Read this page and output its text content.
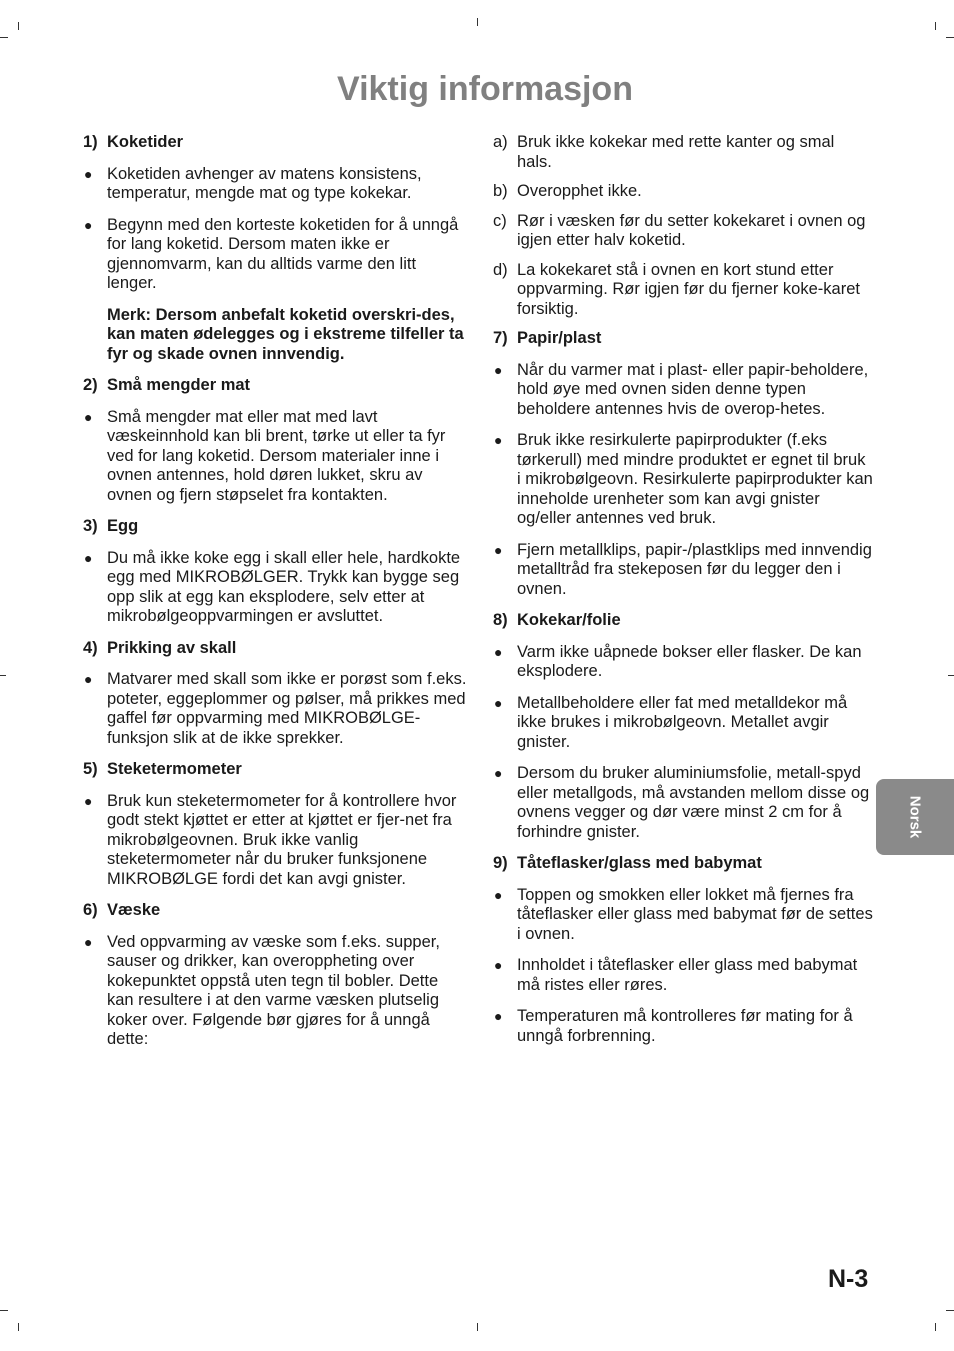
Viktig informasjon
1) Koketider
● Koketiden avhenger av matens konsistens, temperatur, mengde mat og type kokekar.
● Begynn med den korteste koketiden for å unngå for lang koketid. Dersom maten ikke er gjennomvarm, kan du alltids varme den litt lenger.
Merk: Dersom anbefalt koketid overskri-des, kan maten ødelegges og i ekstreme tilfeller ta fyr og skade ovnen innvendig.
2) Små mengder mat
● Små mengder mat eller mat med lavt væskeinnhold kan bli brent, tørke ut eller ta fyr ved for lang koketid. Dersom materialer inne i ovnen antennes, hold døren lukket, skru av ovnen og fjern støpselet fra kontakten.
3) Egg
● Du må ikke koke egg i skall eller hele, hardkokte egg med MIKROBØLGER. Trykk kan bygge seg opp slik at egg kan eksplodere, selv etter at mikrobølgeoppvarmingen er avsluttet.
4) Prikking av skall
● Matvarer med skall som ikke er porøst som f.eks. poteter, eggeplommer og pølser, må prikkes med gaffel før oppvarming med MIKROBØLGE-funksjon slik at de ikke sprekker.
5) Steketermometer
● Bruk kun steketermometer for å kontrollere hvor godt stekt kjøttet er etter at kjøttet er fjer-net fra mikrobølgeovnen. Bruk ikke vanlig steketermometer når du bruker funksjonene MIKROBØLGE fordi det kan avgi gnister.
6) Væske
● Ved oppvarming av væske som f.eks. supper, sauser og drikker, kan overoppheting over kokepunktet oppstå uten tegn til bobler. Dette kan resultere i at den varme væsken plutselig koker over. Følgende bør gjøres for å unngå dette:
a) Bruk ikke kokekar med rette kanter og smal hals.
b) Overopphet ikke.
c) Rør i væsken før du setter kokekaret i ovnen og igjen etter halv koketid.
d) La kokekaret stå i ovnen en kort stund etter oppvarming. Rør igjen før du fjerner koke-karet forsiktig.
7) Papir/plast
● Når du varmer mat i plast- eller papir-beholdere, hold øye med ovnen siden denne typen beholdere antennes hvis de overop-hetes.
● Bruk ikke resirkulerte papirprodukter (f.eks tørkerull) med mindre produktet er egnet til bruk i mikrobølgeovn. Resirkulerte papirprodukter kan inneholde urenheter som kan avgi gnister og/eller antennes ved bruk.
● Fjern metallklips, papir-/plastklips med innvendig metalltråd fra stekeposen før du legger den i ovnen.
8) Kokekar/folie
● Varm ikke uåpnede bokser eller flasker. De kan eksplodere.
● Metallbeholdere eller fat med metalldekor må ikke brukes i mikrobølgeovn. Metallet avgir gnister.
● Dersom du bruker aluminiumsfolie, metall-spyd eller metallgods, må avstanden mellom disse og ovnens vegger og dør være minst 2 cm for å forhindre gnister.
9) Tåteflasker/glass med babymat
● Toppen og smokken eller lokket må fjernes fra tåteflasker eller glass med babymat før de settes i ovnen.
● Innholdet i tåteflasker eller glass med babymat må ristes eller røres.
● Temperaturen må kontrolleres før mating for å unngå forbrenning.
Norsk
N-3
